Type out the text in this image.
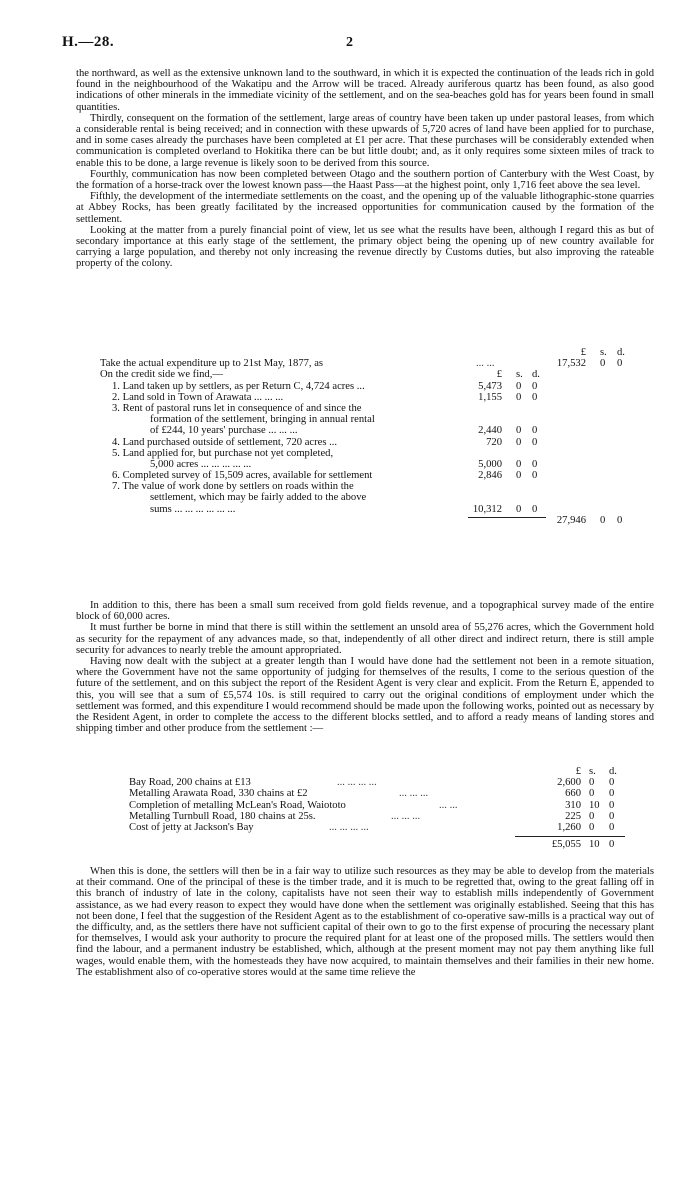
H.—28.	2

the northward, as well as the extensive unknown land to the southward, in which it is expected the continuation of the leads rich in gold found in the neighbourhood of the Wakatipu and the Arrow will be traced. Already auriferous quartz has been found, as also good indications of other minerals in the immediate vicinity of the settlement, and on the sea-beaches gold has for years been found in small quantities.

Thirdly, consequent on the formation of the settlement, large areas of country have been taken up under pastoral leases, from which a considerable rental is being received; and in connection with these upwards of 5,720 acres of land have been applied for to purchase, and in some cases already the purchases have been completed at £1 per acre. That these purchases will be considerably extended when communication is completed overland to Hokitika there can be but little doubt; and, as it only requires some sixteen miles of track to enable this to be done, a large revenue is likely soon to be derived from this source.

Fourthly, communication has now been completed between Otago and the southern portion of Canterbury with the West Coast, by the formation of a horse-track over the lowest known pass—the Haast Pass—at the highest point, only 1,716 feet above the sea level.

Fifthly, the development of the intermediate settlements on the coast, and the opening up of the valuable lithographic-stone quarries at Abbey Rocks, has been greatly facilitated by the increased opportunities for communication caused by the formation of the settlement.

Looking at the matter from a purely financial point of view, let us see what the results have been, although I regard this as but of secondary importance at this early stage of the settlement, the primary object being the opening up of new country available for carrying a large population, and thereby not only increasing the revenue directly by Customs duties, but also improving the rateable property of the colony.

£ s. d.
Take the actual expenditure up to 21st May, 1877, as	... ...	17,532 0 0
On the credit side we find,—	£ s. d.
1. Land taken up by settlers, as per Return C, 4,724 acres ...	5,473 0 0
2. Land sold in Town of Arawata ... ... ...	1,155 0 0
3. Rent of pastoral runs let in consequence of and since the
formation of the settlement, bringing in annual rental
of £244, 10 years' purchase ... ... ...	2,440 0 0
4. Land purchased outside of settlement, 720 acres ...	720 0 0
5. Land applied for, but purchase not yet completed,
5,000 acres ... ... ... ... ...	5,000 0 0
6. Completed survey of 15,509 acres, available for settlement	2,846 0 0
7. The value of work done by settlers on roads within the
settlement, which may be fairly added to the above
sums ... ... ... ... ... ...	10,312 0 0
27,946 0 0

In addition to this, there has been a small sum received from gold fields revenue, and a topographical survey made of the entire block of 60,000 acres.

It must further be borne in mind that there is still within the settlement an unsold area of 55,276 acres, which the Government hold as security for the repayment of any advances made, so that, independently of all other direct and indirect return, there is still ample security for advances to nearly treble the amount appropriated.

Having now dealt with the subject at a greater length than I would have done had the settlement not been in a remote situation, where the Government have not the same opportunity of judging for themselves of the results, I come to the serious question of the future of the settlement, and on this subject the report of the Resident Agent is very clear and explicit. From the Return E, appended to this, you will see that a sum of £5,574 10s. is still required to carry out the original conditions of employment under which the settlement was formed, and this expenditure I would recommend should be made upon the following works, pointed out as necessary by the Resident Agent, in order to complete the access to the different blocks settled, and to afford a ready means of landing stores and shipping timber and other produce from the settlement :—

£ s. d.
Bay Road, 200 chains at £13	... ... ... ...	2,600 0 0
Metalling Arawata Road, 330 chains at £2	... ... ...	660 0 0
Completion of metalling McLean's Road, Waiototo	... ...	310 10 0
Metalling Turnbull Road, 180 chains at 25s.	... ... ...	225 0 0
Cost of jetty at Jackson's Bay	... ... ... ...	1,260 0 0
£5,055 10 0

When this is done, the settlers will then be in a fair way to utilize such resources as they may be able to develop from the materials at their command. One of the principal of these is the timber trade, and it is much to be regretted that, owing to the great falling off in this branch of industry of late in the colony, capitalists have not seen their way to establish mills independently of Government assistance, as we had every reason to expect they would have done when the settlement was originally established. Seeing that this has not been done, I feel that the suggestion of the Resident Agent as to the establishment of co-operative saw-mills is a practical way out of the difficulty, and, as the settlers there have not sufficient capital of their own to go to the first expense of procuring the necessary plant for themselves, I would ask your authority to procure the required plant for at least one of the proposed mills. The settlers would then find the labour, and a permanent industry be established, which, although at the present moment may not pay them anything like full wages, would enable them, with the homesteads they have now acquired, to maintain themselves and their families in their new home. The establishment also of co-operative stores would at the same time relieve the
